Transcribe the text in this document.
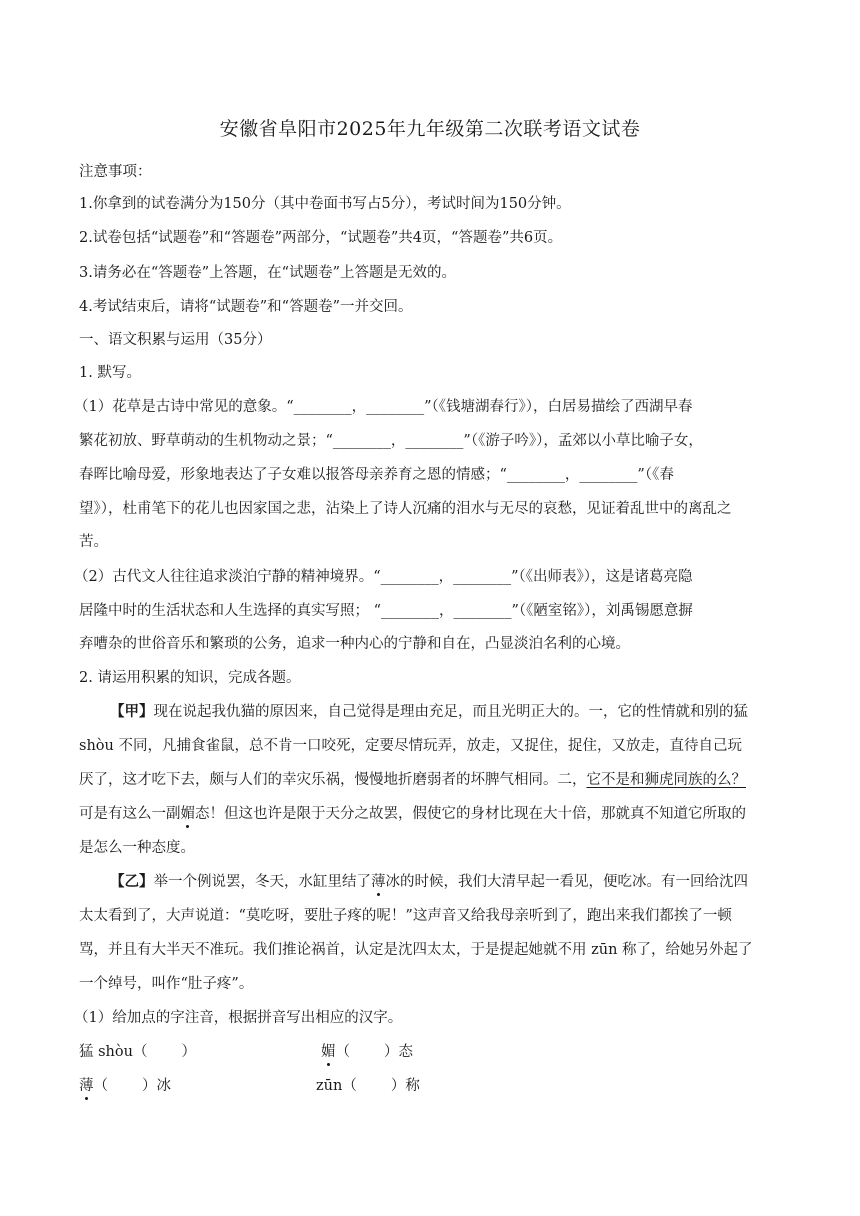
安徽省阜阳市2025年九年级第二次联考语文试卷
注意事项：
1.你拿到的试卷满分为150分（其中卷面书写占5分），考试时间为150分钟。
2.试卷包括“试题卷”和“答题卷”两部分，“试题卷”共4页，“答题卷”共6页。
3.请务必在“答题卷”上答题，在“试题卷”上答题是无效的。
4.考试结束后，请将“试题卷”和“答题卷”一并交回。
一、语文积累与运用（35分）
1. 默写。
（1）花草是古诗中常见的意象。“________，________”（《钱塘湖春行》），白居易描绘了西湖早春
繁花初放、野草萌动的生机物动之景；“________，________”（《游子吟》），孟郊以小草比喻子女，
春晖比喻母爱，形象地表达了子女难以报答母亲养育之恩的情感；“________，________”（《春
望》），杜甫笔下的花儿也因家国之悲，沾染上了诗人沉痛的泪水与无尽的哀愁，见证着乱世中的离乱之
苦。
（2）古代文人往往追求淡泊宁静的精神境界。“________，________”（《出师表》），这是诸葛亮隐
居隆中时的生活状态和人生选择的真实写照； “________，________”（《陋室铭》），刘禹锡愿意摒
弃嘈杂的世俗音乐和繁琐的公务，追求一种内心的宁静和自在，凸显淡泊名利的心境。
2. 请运用积累的知识，完成各题。
【甲】现在说起我仇猫的原因来，自己觉得是理由充足，而且光明正大的。一，它的性情就和别的猛
shòu 不同，凡捕食雀鼠，总不肯一口咬死，定要尽情玩弄，放走，又捉住，捉住，又放走，直待自己玩
厌了，这才吃下去，颇与人们的幸灾乐祸，慢慢地折磨弱者的坏脾气相同。二，它不是和狮虎同族的么？
可是有这么一副媚态！但这也许是限于天分之故罢，假使它的身材比现在大十倍，那就真不知道它所取的
是怎么一种态度。
【乙】举一个例说罢，冬天，水缸里结了薄冰的时候，我们大清早起一看见，便吃冰。有一回给沈四
太太看到了，大声说道：“莫吃呀，要肚子疼的呢！”这声音又给我母亲听到了，跑出来我们都挨了一顿
骂，并且有大半天不准玩。我们推论祸首，认定是沈四太太，于是提起她就不用 zūn 称了，给她另外起了
一个绰号，叫作“肚子疼”。
（1）给加点的字注音，根据拼音写出相应的汉字。
猛 shòu（ ）	媚（ ）态
薄（ ）冰	zūn（ ）称
